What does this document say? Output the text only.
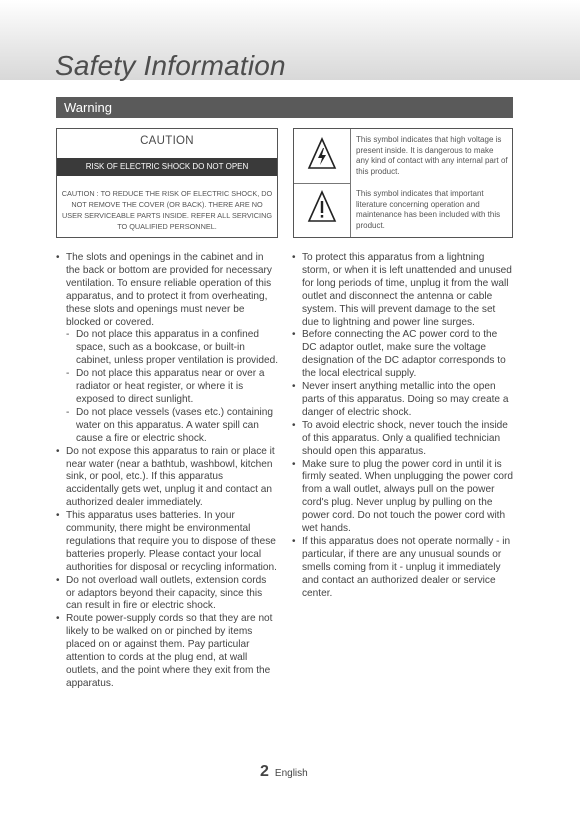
Safety Information
Warning
CAUTION
RISK OF ELECTRIC SHOCK DO NOT OPEN
CAUTION : TO REDUCE THE RISK OF ELECTRIC SHOCK, DO NOT REMOVE THE COVER (OR BACK). THERE ARE NO USER SERVICEABLE PARTS INSIDE. REFER ALL SERVICING TO QUALIFIED PERSONNEL.
This symbol indicates that high voltage is present inside. It is dangerous to make any kind of contact with any internal part of this product.
This symbol indicates that important literature concerning operation and maintenance has been included with this product.
• The slots and openings in the cabinet and in the back or bottom are provided for necessary ventilation. To ensure reliable operation of this apparatus, and to protect it from overheating, these slots and openings must never be blocked or covered.
- Do not place this apparatus in a confined space, such as a bookcase, or built-in cabinet, unless proper ventilation is provided.
- Do not place this apparatus near or over a radiator or heat register, or where it is exposed to direct sunlight.
- Do not place vessels (vases etc.) containing water on this apparatus. A water spill can cause a fire or electric shock.
• Do not expose this apparatus to rain or place it near water (near a bathtub, washbowl, kitchen sink, or pool, etc.). If this apparatus accidentally gets wet, unplug it and contact an authorized dealer immediately.
• This apparatus uses batteries. In your community, there might be environmental regulations that require you to dispose of these batteries properly. Please contact your local authorities for disposal or recycling information.
• Do not overload wall outlets, extension cords or adaptors beyond their capacity, since this can result in fire or electric shock.
• Route power-supply cords so that they are not likely to be walked on or pinched by items placed on or against them. Pay particular attention to cords at the plug end, at wall outlets, and the point where they exit from the apparatus.
• To protect this apparatus from a lightning storm, or when it is left unattended and unused for long periods of time, unplug it from the wall outlet and disconnect the antenna or cable system. This will prevent damage to the set due to lightning and power line surges.
• Before connecting the AC power cord to the DC adaptor outlet, make sure the voltage designation of the DC adaptor corresponds to the local electrical supply.
• Never insert anything metallic into the open parts of this apparatus. Doing so may create a danger of electric shock.
• To avoid electric shock, never touch the inside of this apparatus. Only a qualified technician should open this apparatus.
• Make sure to plug the power cord in until it is firmly seated. When unplugging the power cord from a wall outlet, always pull on the power cord's plug. Never unplug by pulling on the power cord. Do not touch the power cord with wet hands.
• If this apparatus does not operate normally - in particular, if there are any unusual sounds or smells coming from it - unplug it immediately and contact an authorized dealer or service center.
2 English
